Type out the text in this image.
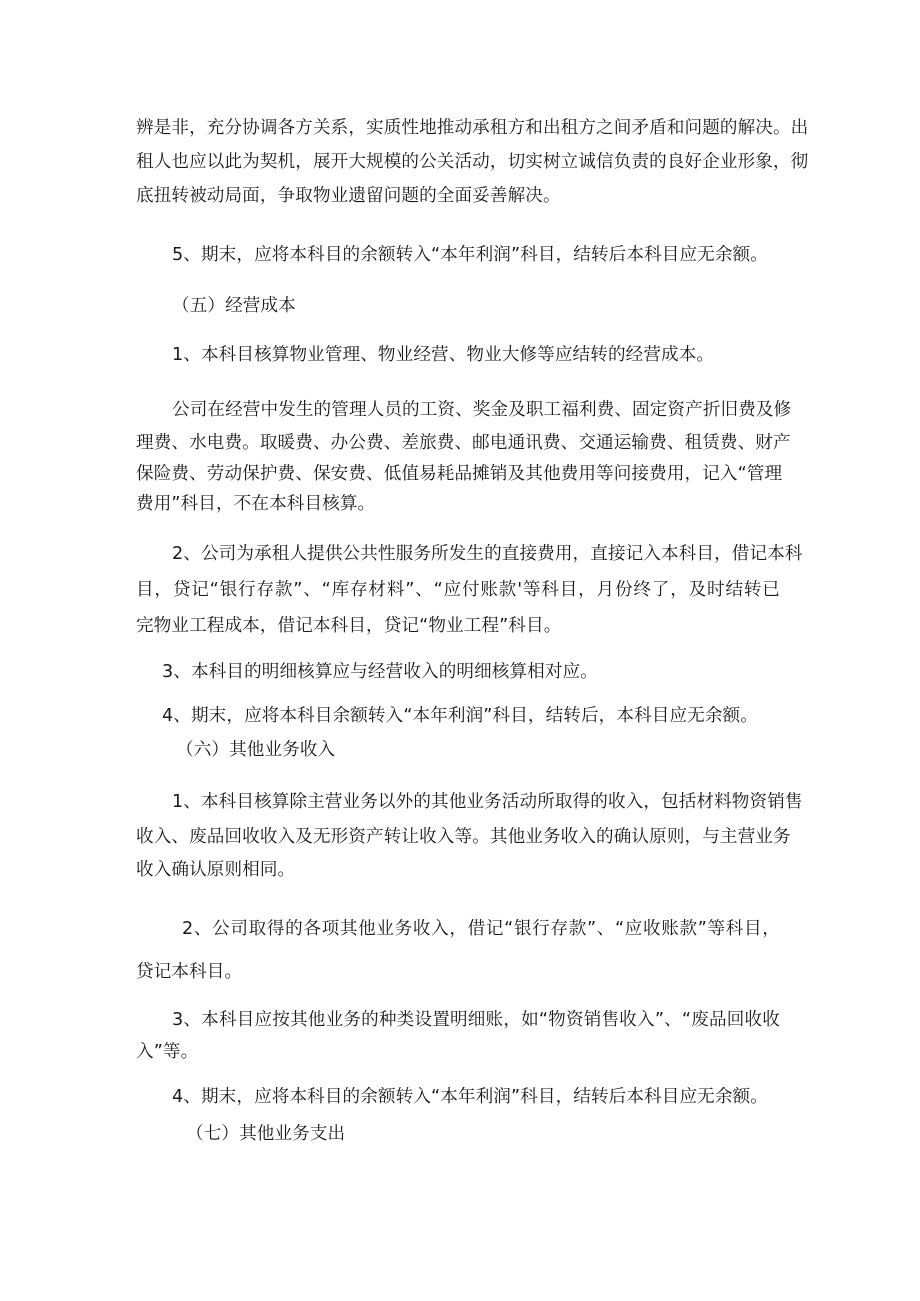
辨是非，充分协调各方关系，实质性地推动承租方和出租方之间矛盾和问题的解决。出

租人也应以此为契机，展开大规模的公关活动，切实树立诚信负责的良好企业形象，彻

底扭转被动局面，争取物业遗留问题的全面妥善解决。

5、期末，应将本科目的余额转入“本年利润”科目，结转后本科目应无余额。

（五）经营成本

1、本科目核算物业管理、物业经营、物业大修等应结转的经营成本。

公司在经营中发生的管理人员的工资、奖金及职工福利费、固定资产折旧费及修

理费、水电费。取暖费、办公费、差旅费、邮电通讯费、交通运输费、租赁费、财产

保险费、劳动保护费、保安费、低值易耗品摊销及其他费用等问接费用，记入“管理

费用”科目，不在本科目核算。

2、公司为承租人提供公共性服务所发生的直接费用，直接记入本科目，借记本科

目，贷记“银行存款”、“库存材料”、“应付账款'等科目，月份终了，及时结转已

完物业工程成本，借记本科目，贷记“物业工程”科目。

3、本科目的明细核算应与经营收入的明细核算相对应。

4、期末，应将本科目余额转入“本年利润”科目，结转后，本科目应无余额。

（六）其他业务收入

1、本科目核算除主营业务以外的其他业务活动所取得的收入，包括材料物资销售

收入、废品回收收入及无形资产转让收入等。其他业务收入的确认原则，与主营业务

收入确认原则相同。

2、公司取得的各项其他业务收入，借记“银行存款”、“应收账款”等科目，

贷记本科目。

3、本科目应按其他业务的种类设置明细账，如“物资销售收入”、“废品回收收

入”等。

4、期末，应将本科目的余额转入“本年利润”科目，结转后本科目应无余额。

（七）其他业务支出
